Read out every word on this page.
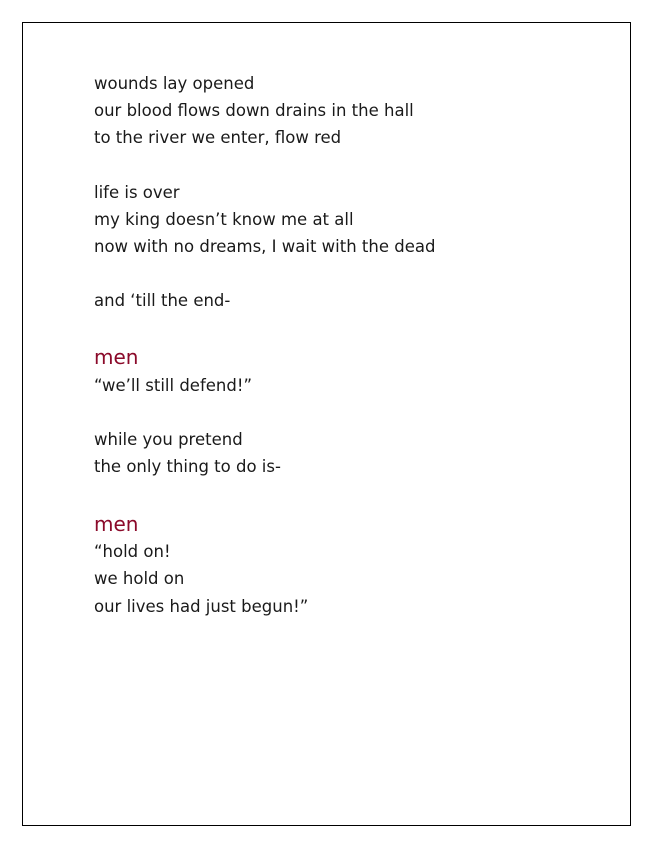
wounds lay opened
our blood flows down drains in the hall
to the river we enter, flow red
life is over
my king doesn’t know me at all
now with no dreams, I wait with the dead
and ‘till the end-
men
“we’ll still defend!”
while you pretend
the only thing to do is-
men
“hold on!
we hold on
our lives had just begun!”
